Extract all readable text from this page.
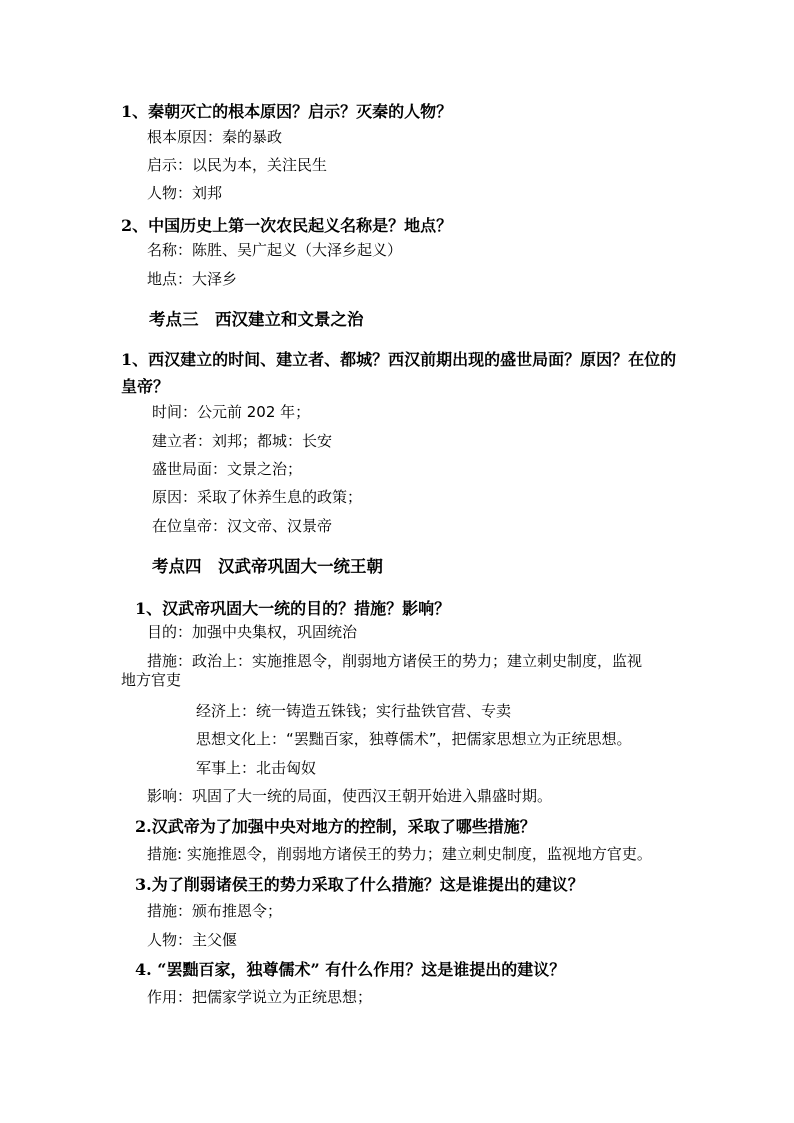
1、秦朝灭亡的根本原因？启示？灭秦的人物？
根本原因：秦的暴政
启示：以民为本，关注民生
人物：刘邦
2、中国历史上第一次农民起义名称是？地点？
名称：陈胜、吴广起义（大泽乡起义）
地点：大泽乡
考点三　西汉建立和文景之治
1、西汉建立的时间、建立者、都城？西汉前期出现的盛世局面？原因？在位的
皇帝？
时间：公元前 202 年；
建立者：刘邦；都城：长安
盛世局面：文景之治；
原因：采取了休养生息的政策；
在位皇帝：汉文帝、汉景帝
考点四　汉武帝巩固大一统王朝
1、汉武帝巩固大一统的目的？措施？影响？
目的：加强中央集权，巩固统治
措施：政治上：实施推恩令，削弱地方诸侯王的势力；建立刺史制度，监视
地方官吏
经济上：统一铸造五铢钱；实行盐铁官营、专卖
思想文化上：“罢黜百家，独尊儒术”，把儒家思想立为正统思想。
军事上：北击匈奴
影响：巩固了大一统的局面，使西汉王朝开始进入鼎盛时期。
2.汉武帝为了加强中央对地方的控制，采取了哪些措施？
措施: 实施推恩令，削弱地方诸侯王的势力；建立刺史制度，监视地方官吏。
3.为了削弱诸侯王的势力采取了什么措施？这是谁提出的建议？
措施：颁布推恩令；
人物：主父偃
4. “罢黜百家，独尊儒术” 有什么作用？这是谁提出的建议？
作用：把儒家学说立为正统思想；
